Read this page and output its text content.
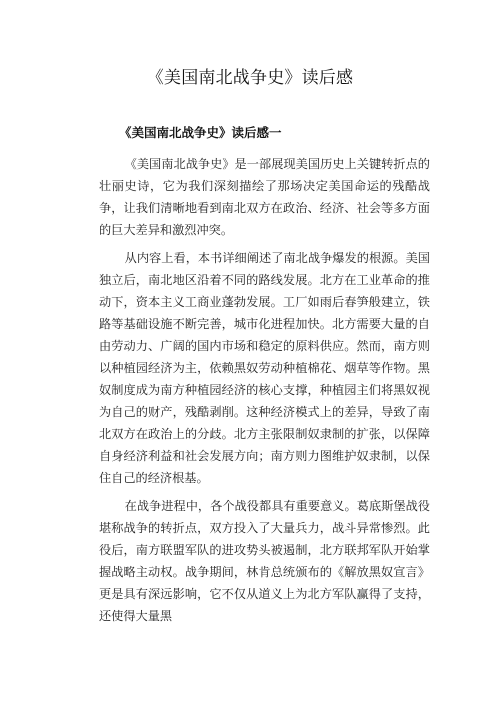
《美国南北战争史》读后感
《美国南北战争史》读后感一

《美国南北战争史》是一部展现美国历史上关键转折点的壮丽史诗，它为我们深刻描绘了那场决定美国命运的残酷战争，让我们清晰地看到南北双方在政治、经济、社会等多方面的巨大差异和激烈冲突。

从内容上看，本书详细阐述了南北战争爆发的根源。美国独立后，南北地区沿着不同的路线发展。北方在工业革命的推动下，资本主义工商业蓬勃发展。工厂如雨后春笋般建立，铁路等基础设施不断完善，城市化进程加快。北方需要大量的自由劳动力、广阔的国内市场和稳定的原料供应。然而，南方则以种植园经济为主，依赖黑奴劳动种植棉花、烟草等作物。黑奴制度成为南方种植园经济的核心支撑，种植园主们将黑奴视为自己的财产，残酷剥削。这种经济模式上的差异，导致了南北双方在政治上的分歧。北方主张限制奴隶制的扩张，以保障自身经济利益和社会发展方向；南方则力图维护奴隶制，以保住自己的经济根基。

在战争进程中，各个战役都具有重要意义。葛底斯堡战役堪称战争的转折点，双方投入了大量兵力，战斗异常惨烈。此役后，南方联盟军队的进攻势头被遏制，北方联邦军队开始掌握战略主动权。战争期间，林肯总统颁布的《解放黑奴宣言》更是具有深远影响，它不仅从道义上为北方军队赢得了支持，还使得大量黑
